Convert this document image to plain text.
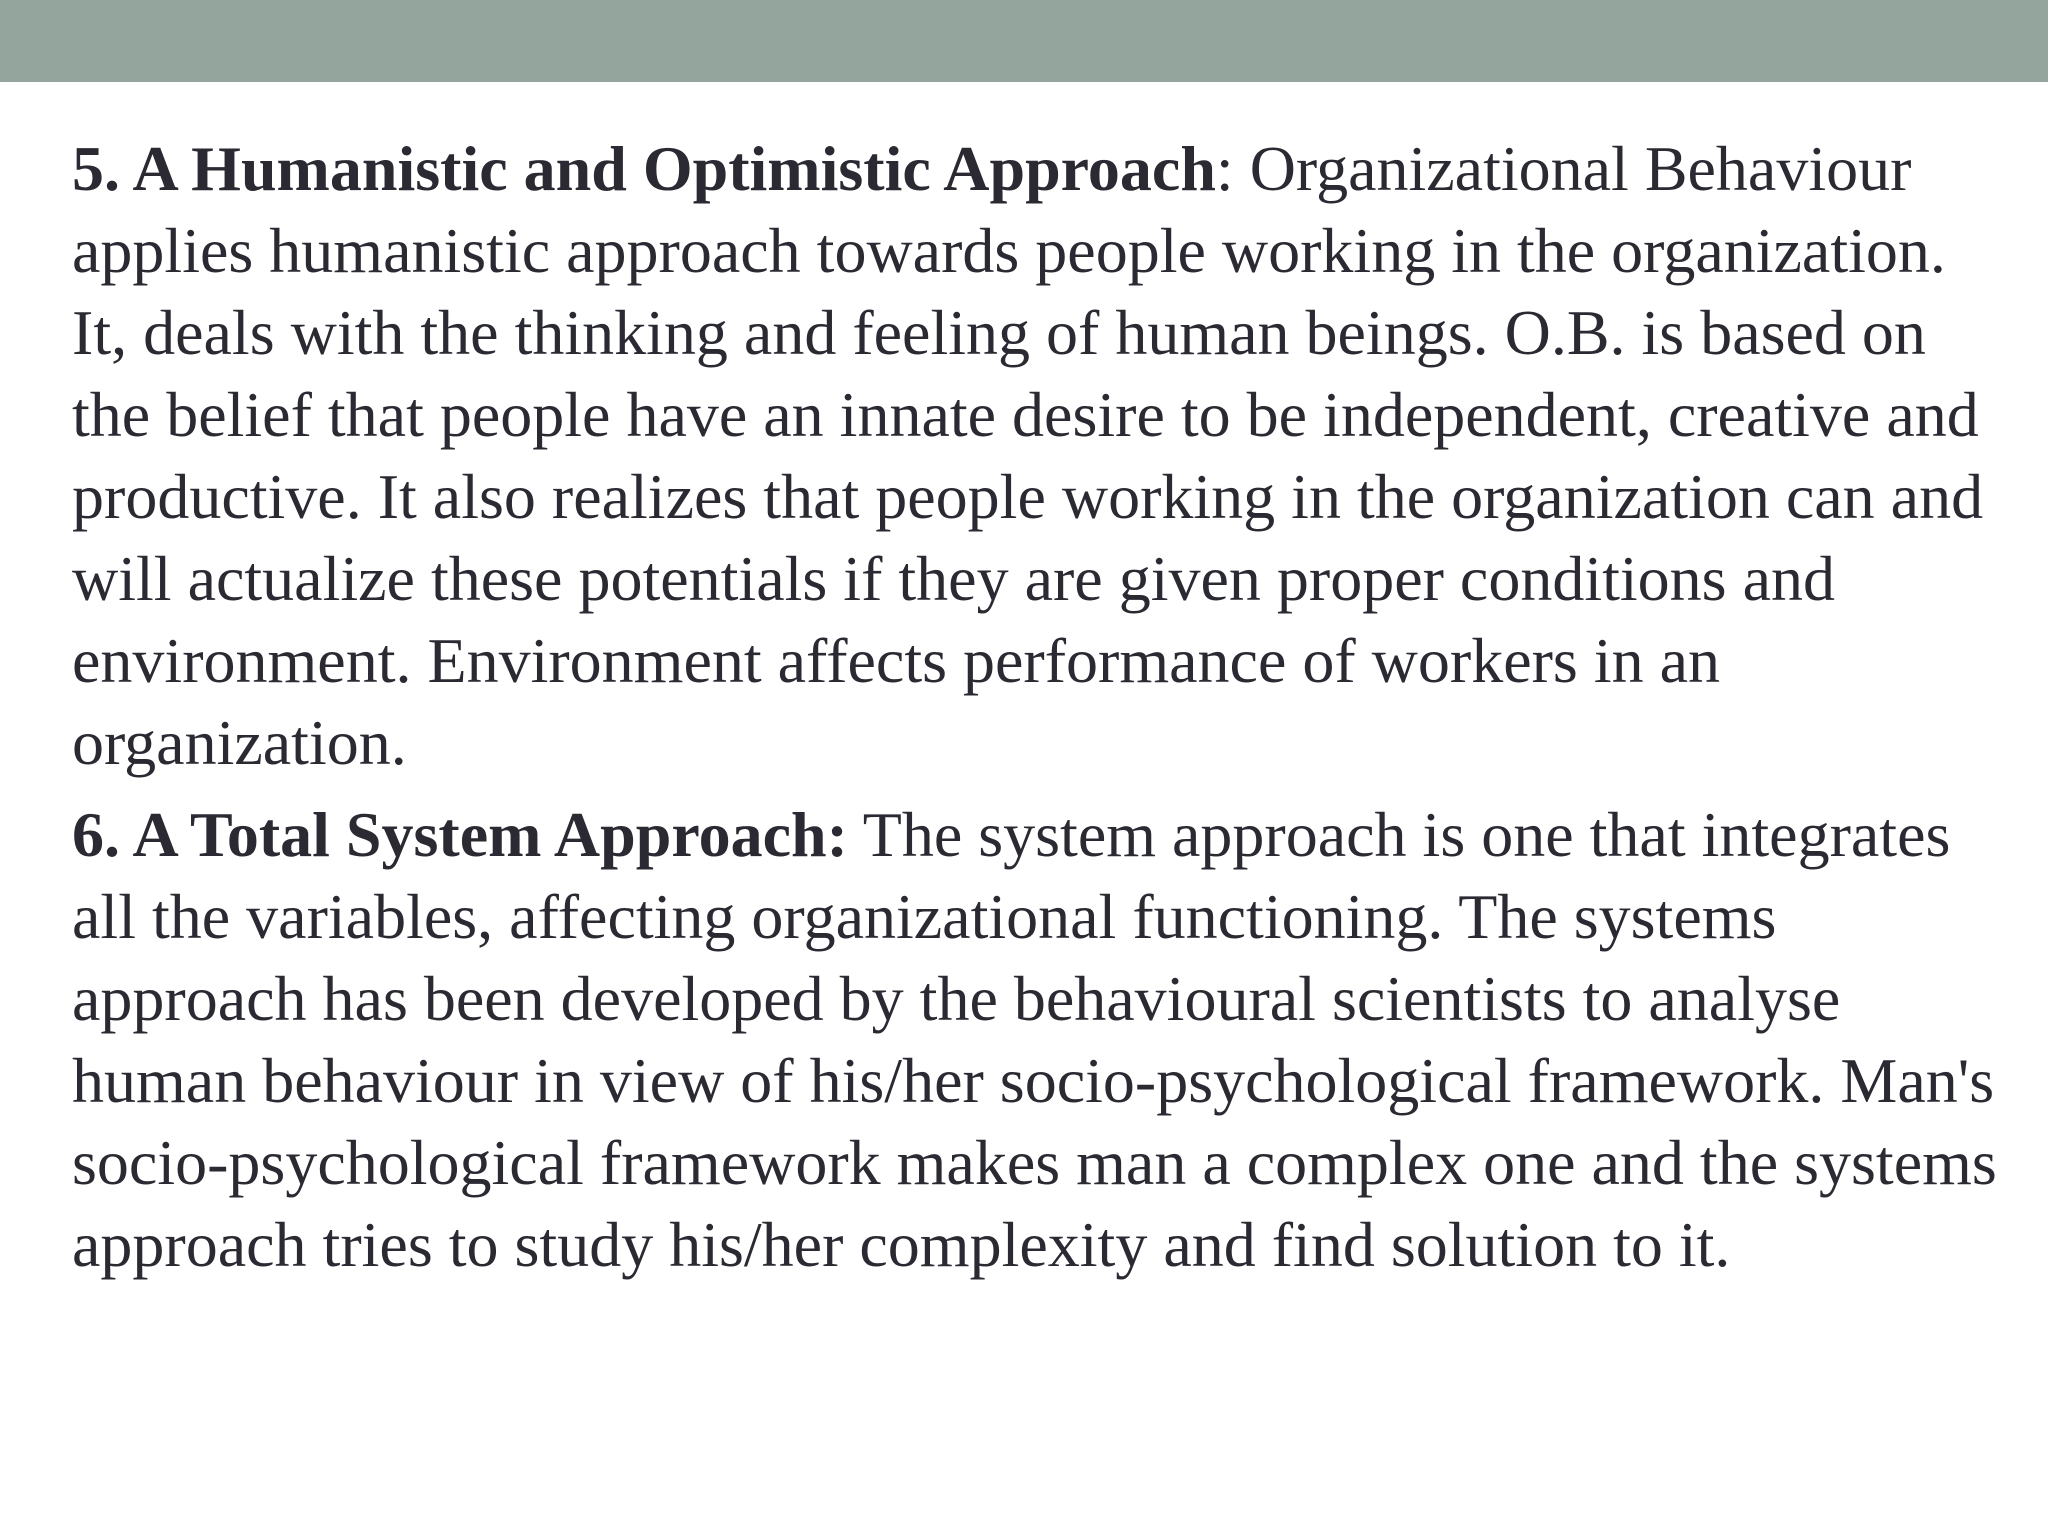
5. A Humanistic and Optimistic Approach: Organizational Behaviour applies humanistic approach towards people working in the organization. It, deals with the thinking and feeling of human beings. O.B. is based on the belief that people have an innate desire to be independent, creative and productive. It also realizes that people working in the organization can and will actualize these potentials if they are given proper conditions and environment. Environment affects performance of workers in an organization.

6. A Total System Approach: The system approach is one that integrates all the variables, affecting organizational functioning. The systems approach has been developed by the behavioural scientists to analyse human behaviour in view of his/her socio-psychological framework. Man's socio-psychological framework makes man a complex one and the systems approach tries to study his/her complexity and find solution to it.
